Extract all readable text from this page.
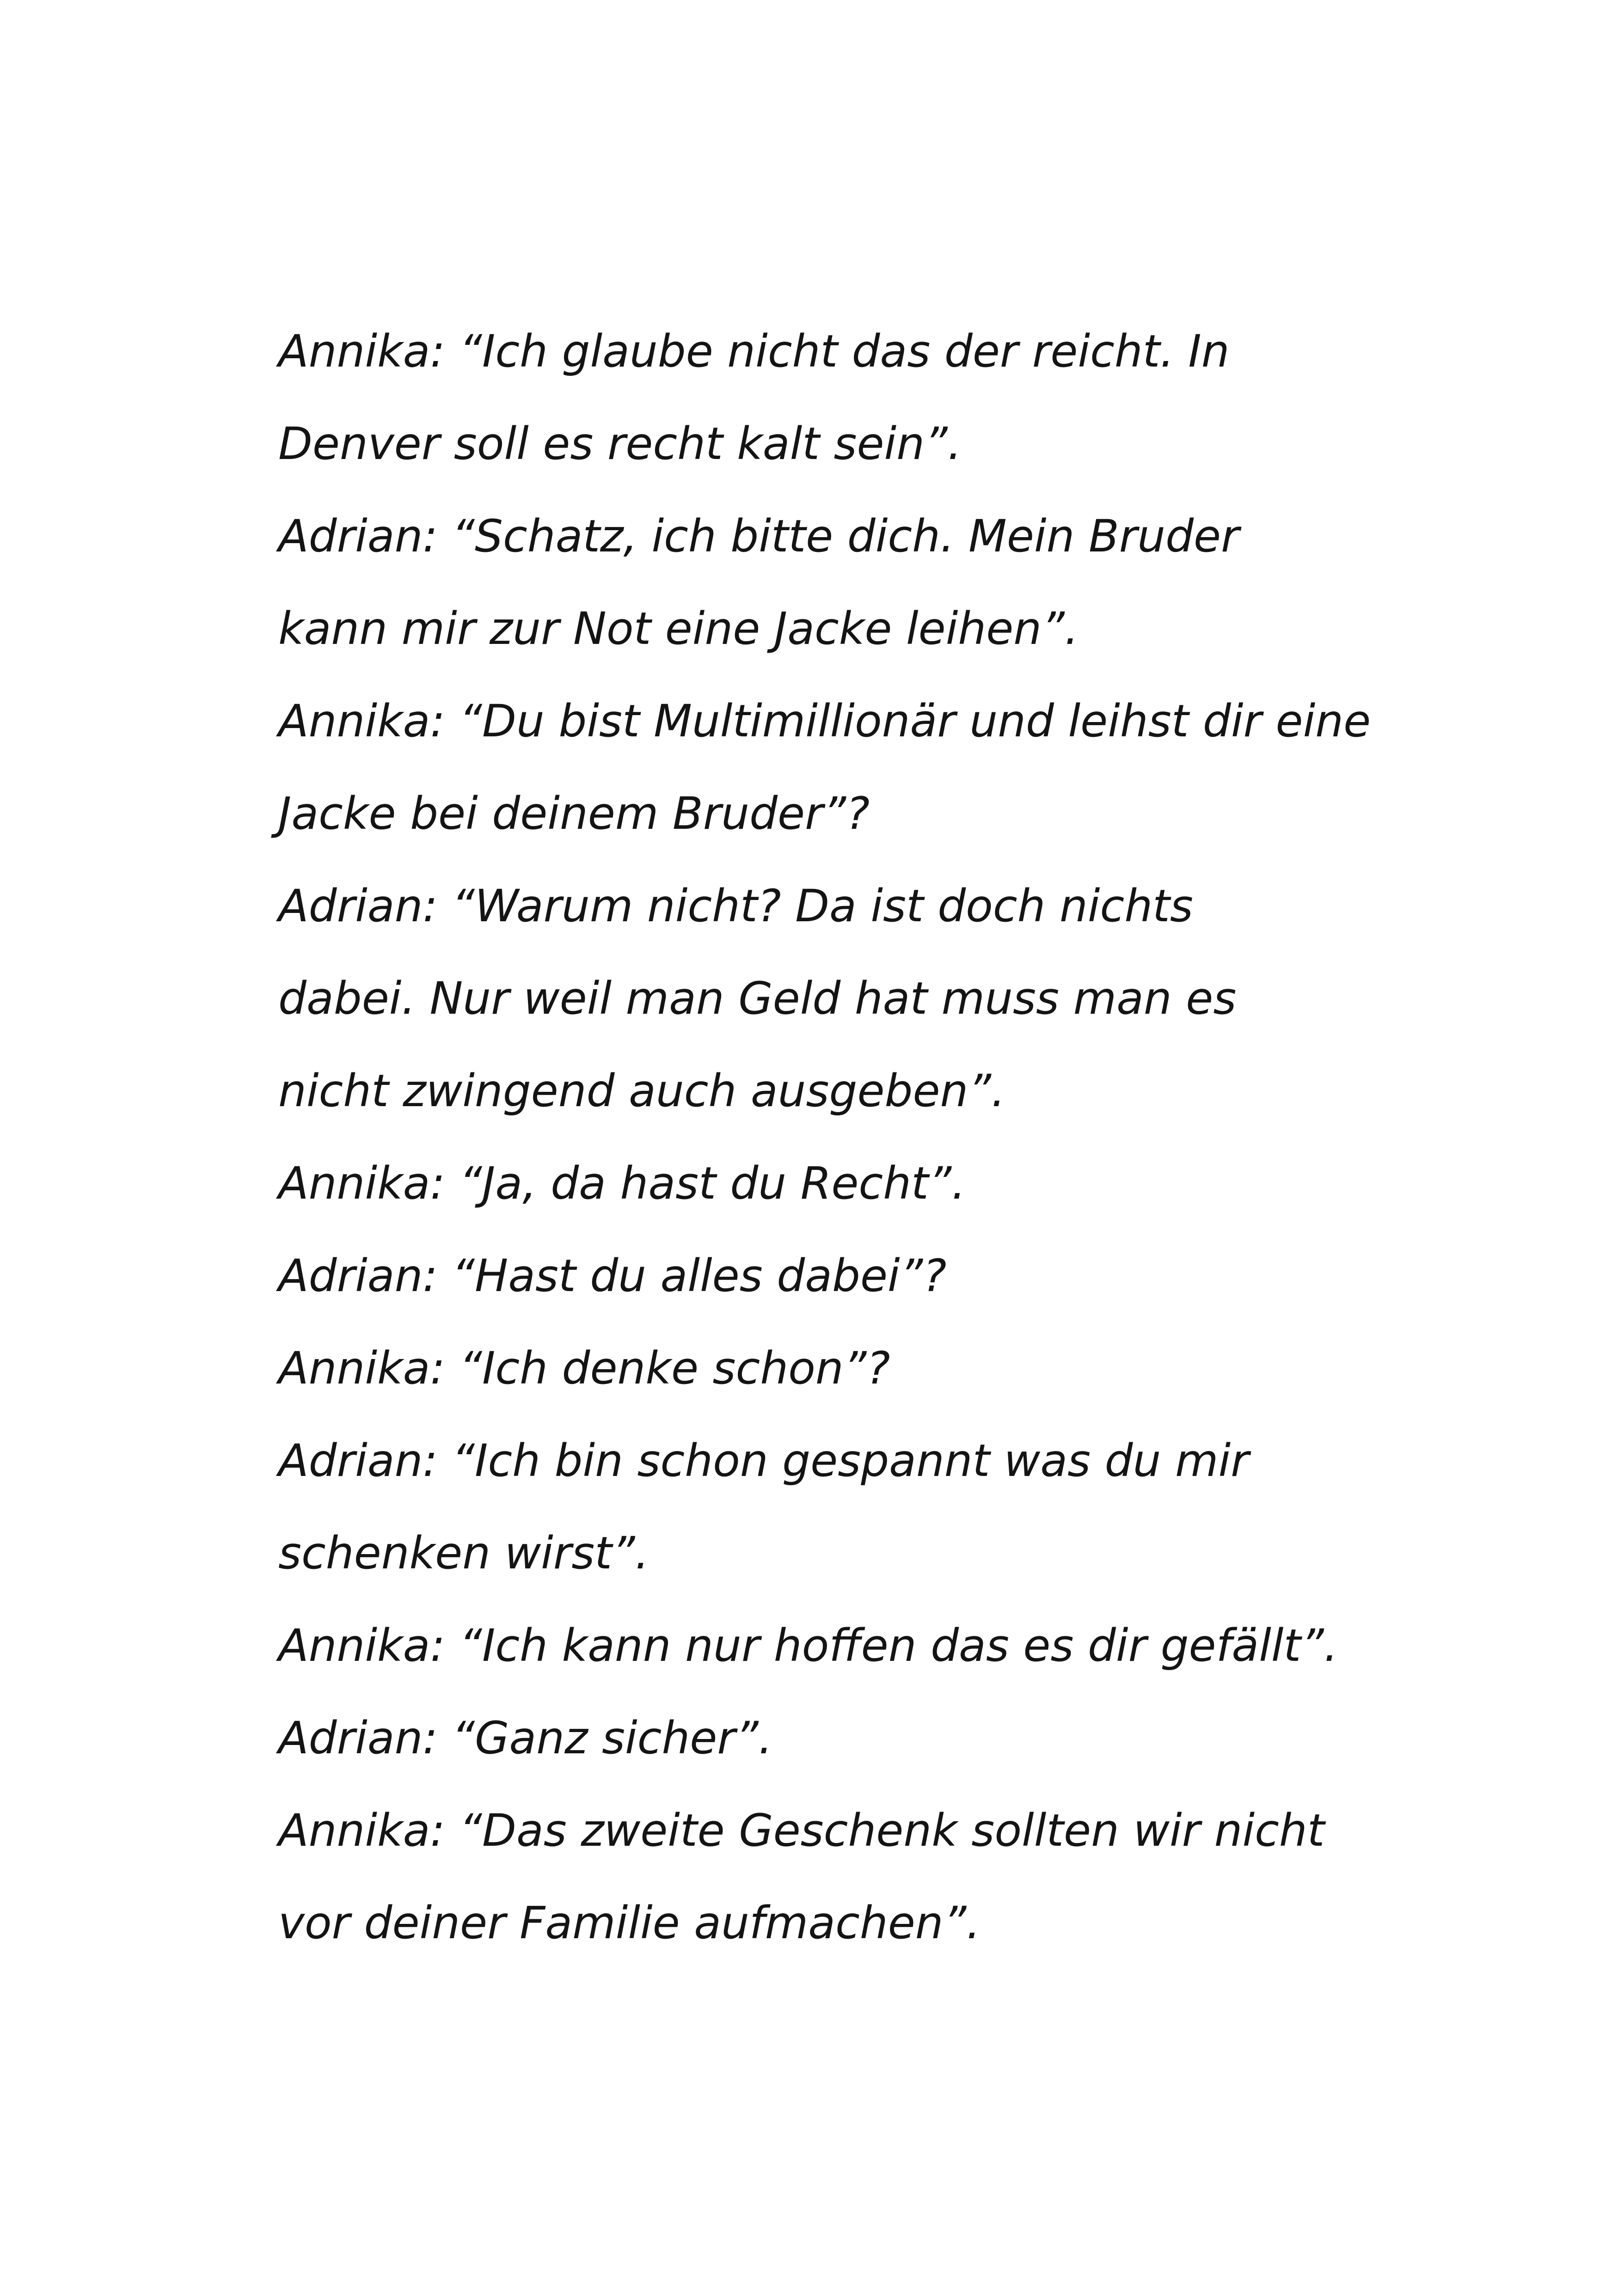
Annika: “Ich glaube nicht das der reicht. In
Denver soll es recht kalt sein”.
Adrian: “Schatz, ich bitte dich. Mein Bruder
kann mir zur Not eine Jacke leihen”.
Annika: “Du bist Multimillionär und leihst dir eine
Jacke bei deinem Bruder”?
Adrian: “Warum nicht? Da ist doch nichts
dabei. Nur weil man Geld hat muss man es
nicht zwingend auch ausgeben”.
Annika: “Ja, da hast du Recht”.
Adrian: “Hast du alles dabei”?
Annika: “Ich denke schon”?
Adrian: “Ich bin schon gespannt was du mir
schenken wirst”.
Annika: “Ich kann nur hoffen das es dir gefällt”.
Adrian: “Ganz sicher”.
Annika: “Das zweite Geschenk sollten wir nicht
vor deiner Familie aufmachen”.
